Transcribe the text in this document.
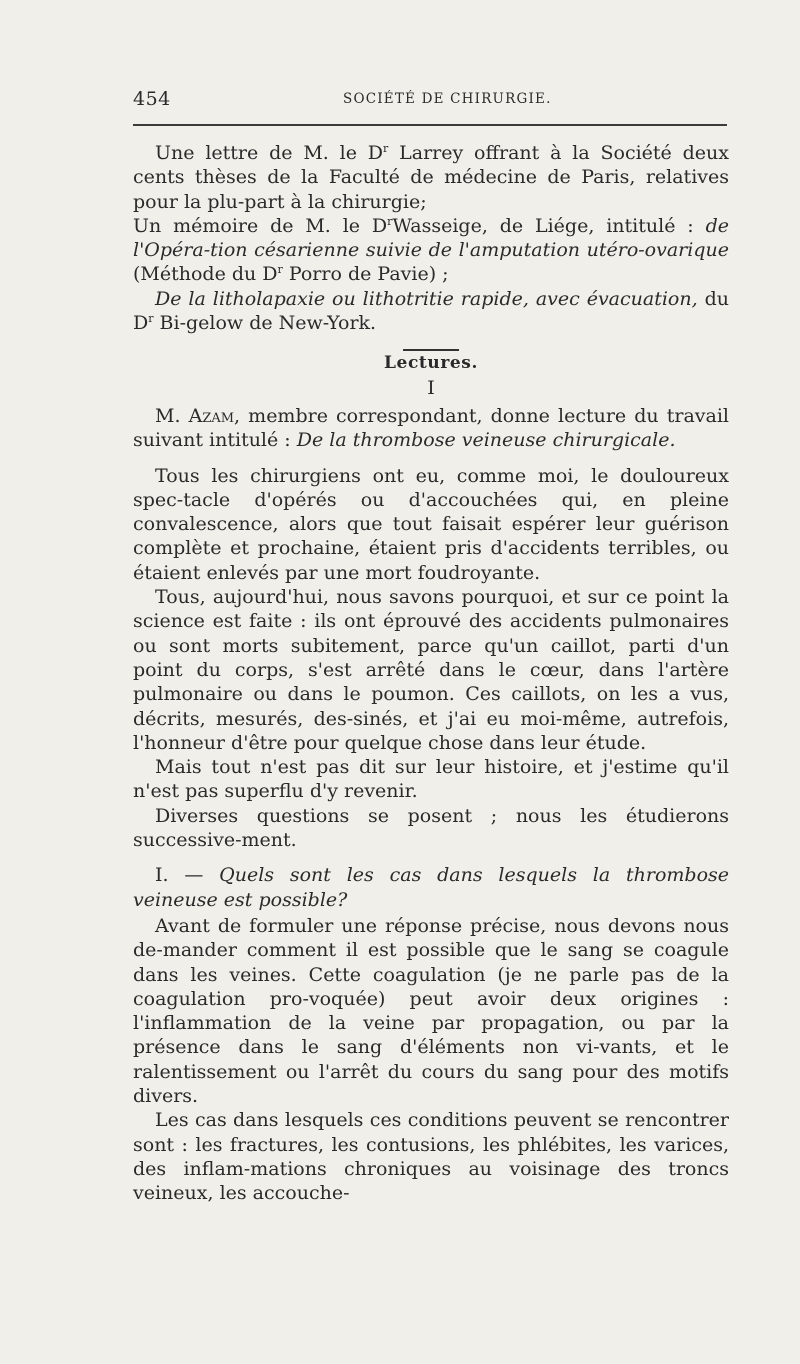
454	SOCIÉTÉ DE CHIRURGIE.

Une lettre de M. le $D^r$ Larrey offrant à la Société deux cents thèses de la Faculté de médecine de Paris, relatives pour la plu-part à la chirurgie;

Un mémoire de M. le $D^rWasseige$, de Liége, intitulé : de l'Opéra-tion césarienne suivie de l'amputation utéro-ovarique (Méthode du $D^r$ Porro de Pavie) ;

De la litholapaxie ou lithotritie rapide, avec évacuation, du $D^r$ Bi-gelow de New-York.

Lectures.

I

M. Azam, membre correspondant, donne lecture du travail suivant intitulé : De la thrombose veineuse chirurgicale.

Tous les chirurgiens ont eu, comme moi, le douloureux spec-tacle d'opérés ou d'accouchées qui, en pleine convalescence, alors que tout faisait espérer leur guérison complète et prochaine, étaient pris d'accidents terribles, ou étaient enlevés par une mort foudroyante.

Tous, aujourd'hui, nous savons pourquoi, et sur ce point la science est faite : ils ont éprouvé des accidents pulmonaires ou sont morts subitement, parce qu'un caillot, parti d'un point du corps, s'est arrêté dans le cœur, dans l'artère pulmonaire ou dans le poumon. Ces caillots, on les a vus, décrits, mesurés, des-sinés, et j'ai eu moi-même, autrefois, l'honneur d'être pour quelque chose dans leur étude.

Mais tout n'est pas dit sur leur histoire, et j'estime qu'il n'est pas superflu d'y revenir.

Diverses questions se posent ; nous les étudierons successive-ment.

I. — Quels sont les cas dans lesquels la thrombose veineuse est possible?

Avant de formuler une réponse précise, nous devons nous de-mander comment il est possible que le sang se coagule dans les veines. Cette coagulation (je ne parle pas de la coagulation pro-voquée) peut avoir deux origines : l'inflammation de la veine par propagation, ou par la présence dans le sang d'éléments non vi-vants, et le ralentissement ou l'arrêt du cours du sang pour des motifs divers.

Les cas dans lesquels ces conditions peuvent se rencontrer sont : les fractures, les contusions, les phlébites, les varices, des inflam-mations chroniques au voisinage des troncs veineux, les accouche-
